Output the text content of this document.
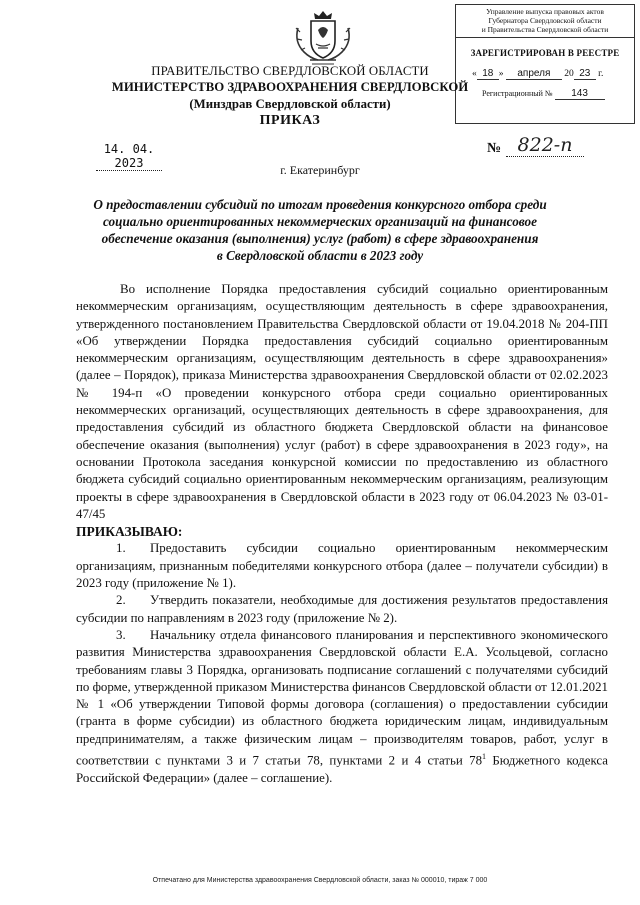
Управление выпуска правовых актов
Губернатора Свердловской области
и Правительства Свердловской области
ЗАРЕГИСТРИРОВАН В РЕЕСТРЕ
« 18 » апреля 20 23 г.
Регистрационный № 143
ПРАВИТЕЛЬСТВО СВЕРДЛОВСКОЙ ОБЛАСТИ
МИНИСТЕРСТВО ЗДРАВООХРАНЕНИЯ СВЕРДЛОВСКОЙ
(Минздрав Свердловской области)
ПРИКАЗ
14. 04. 2023
№ 822-п
г. Екатеринбург
О предоставлении субсидий по итогам проведения конкурсного отбора среди
социально ориентированных некоммерческих организаций на финансовое
обеспечение оказания (выполнения) услуг (работ) в сфере здравоохранения
в Свердловской области в 2023 году

Во исполнение Порядка предоставления субсидий социально ориентированным некоммерческим организациям, осуществляющим деятельность в сфере здравоохранения, утвержденного постановлением Правительства Свердловской области от 19.04.2018 № 204-ПП «Об утверждении Порядка предоставления субсидий социально ориентированным некоммерческим организациям, осуществляющим деятельность в сфере здравоохранения» (далее – Порядок), приказа Министерства здравоохранения Свердловской области от 02.02.2023 № 194-п «О проведении конкурсного отбора среди социально ориентированных некоммерческих организаций, осуществляющих деятельность в сфере здравоохранения, для предоставления субсидий из областного бюджета Свердловской области на финансовое обеспечение оказания (выполнения) услуг (работ) в сфере здравоохранения в 2023 году», на основании Протокола заседания конкурсной комиссии по предоставлению из областного бюджета субсидий социально ориентированным некоммерческим организациям, реализующим проекты в сфере здравоохранения в Свердловской области в 2023 году от 06.04.2023 № 03-01-47/45

ПРИКАЗЫВАЮ:

1. Предоставить субсидии социально ориентированным некоммерческим организациям, признанным победителями конкурсного отбора (далее – получатели субсидии) в 2023 году (приложение № 1).

2. Утвердить показатели, необходимые для достижения результатов предоставления субсидии по направлениям в 2023 году (приложение № 2).

3. Начальнику отдела финансового планирования и перспективного экономического развития Министерства здравоохранения Свердловской области Е.А. Усольцевой, согласно требованиям главы 3 Порядка, организовать подписание соглашений с получателями субсидий по форме, утвержденной приказом Министерства финансов Свердловской области от 12.01.2021 № 1 «Об утверждении Типовой формы договора (соглашения) о предоставлении субсидии (гранта в форме субсидии) из областного бюджета юридическим лицам, индивидуальным предпринимателям, а также физическим лицам – производителям товаров, работ, услуг в соответствии с пунктами 3 и 7 статьи 78, пунктами 2 и 4 статьи $78^1$ Бюджетного кодекса Российской Федерации» (далее – соглашение).

Отпечатано для Министерства здравоохранения Свердловской области, заказ № 000010, тираж 7 000
